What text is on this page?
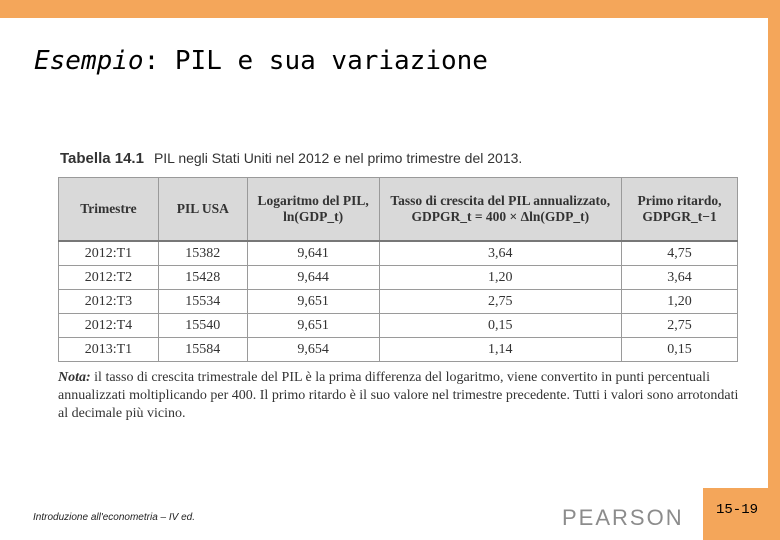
Esempio: PIL e sua variazione
Tabella 14.1 PIL negli Stati Uniti nel 2012 e nel primo trimestre del 2013.
Trimestre	PIL USA	Logaritmo del PIL, ln(GDP_t)	Tasso di crescita del PIL annualizzato, GDPGR_t = 400 × Δln(GDP_t)	Primo ritardo, GDPGR_t−1
2012:T1	15382	9,641	3,64	4,75
2012:T2	15428	9,644	1,20	3,64
2012:T3	15534	9,651	2,75	1,20
2012:T4	15540	9,651	0,15	2,75
2013:T1	15584	9,654	1,14	0,15
Nota: il tasso di crescita trimestrale del PIL è la prima differenza del logaritmo, viene convertito in punti percentuali annualizzati moltiplicando per 400. Il primo ritardo è il suo valore nel trimestre precedente. Tutti i valori sono arrotondati al decimale più vicino.
Introduzione all'econometria – IV ed.	PEARSON	15-19
